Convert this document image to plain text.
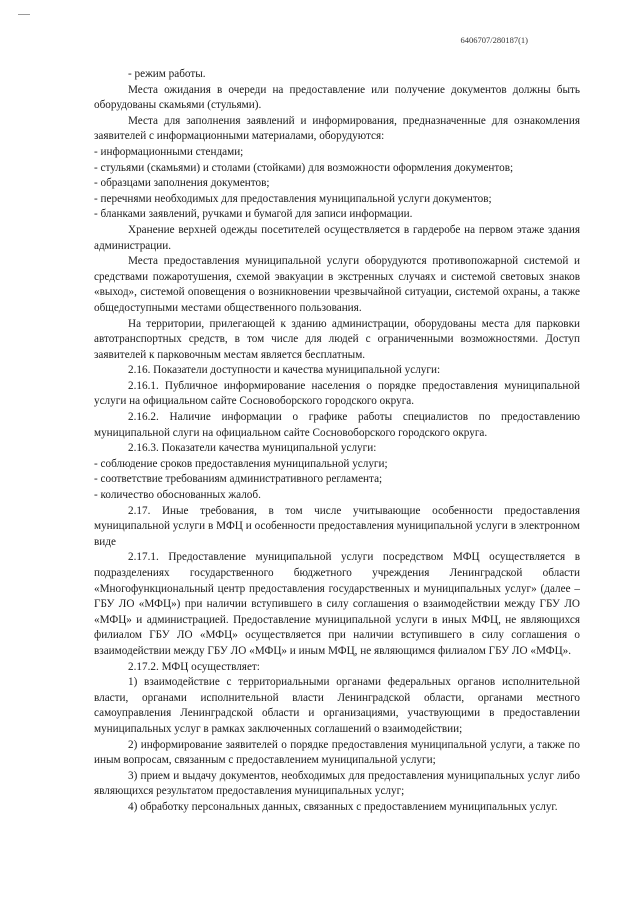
6406707/280187(1)

- режим работы.

Места ожидания в очереди на предоставление или получение документов должны быть оборудованы скамьями (стульями).

Места для заполнения заявлений и информирования, предназначенные для ознакомления заявителей с информационными материалами, оборудуются:

- информационными стендами;

- стульями (скамьями) и столами (стойками) для возможности оформления документов;

- образцами заполнения документов;

- перечнями необходимых для предоставления муниципальной услуги документов;

- бланками заявлений, ручками и бумагой для записи информации.

Хранение верхней одежды посетителей осуществляется в гардеробе на первом этаже здания администрации.

Места предоставления муниципальной услуги оборудуются противопожарной системой и средствами пожаротушения, схемой эвакуации в экстренных случаях и системой световых знаков «выход», системой оповещения о возникновении чрезвычайной ситуации, системой охраны, а также общедоступными местами общественного пользования.

На территории, прилегающей к зданию администрации, оборудованы места для парковки автотранспортных средств, в том числе для людей с ограниченными возможностями. Доступ заявителей к парковочным местам является бесплатным.

2.16. Показатели доступности и качества муниципальной услуги:

2.16.1. Публичное информирование населения о порядке предоставления муниципальной услуги на официальном сайте Сосновоборского городского округа.

2.16.2. Наличие информации о графике работы специалистов по предоставлению муниципальной слуги на официальном сайте Сосновоборского городского округа.

2.16.3. Показатели качества муниципальной услуги:

- соблюдение сроков предоставления муниципальной услуги;

- соответствие требованиям административного регламента;

- количество обоснованных жалоб.

2.17. Иные требования, в том числе учитывающие особенности предоставления муниципальной услуги в МФЦ и особенности предоставления муниципальной услуги в электронном виде

2.17.1. Предоставление муниципальной услуги посредством МФЦ осуществляется в подразделениях государственного бюджетного учреждения Ленинградской области «Многофункциональный центр предоставления государственных и муниципальных услуг» (далее – ГБУ ЛО «МФЦ») при наличии вступившего в силу соглашения о взаимодействии между ГБУ ЛО «МФЦ» и администрацией. Предоставление муниципальной услуги в иных МФЦ, не являющихся филиалом ГБУ ЛО «МФЦ» осуществляется при наличии вступившего в силу соглашения о взаимодействии между ГБУ ЛО «МФЦ» и иным МФЦ, не являющимся филиалом ГБУ ЛО «МФЦ».

2.17.2. МФЦ осуществляет:

1) взаимодействие с территориальными органами федеральных органов исполнительной власти, органами исполнительной власти Ленинградской области, органами местного самоуправления Ленинградской области и организациями, участвующими в предоставлении муниципальных услуг в рамках заключенных соглашений о взаимодействии;

2) информирование заявителей о порядке предоставления муниципальной услуги, а также по иным вопросам, связанным с предоставлением муниципальной услуги;

3) прием и выдачу документов, необходимых для предоставления муниципальных услуг либо являющихся результатом предоставления муниципальных услуг;

4) обработку персональных данных, связанных с предоставлением муниципальных услуг.
